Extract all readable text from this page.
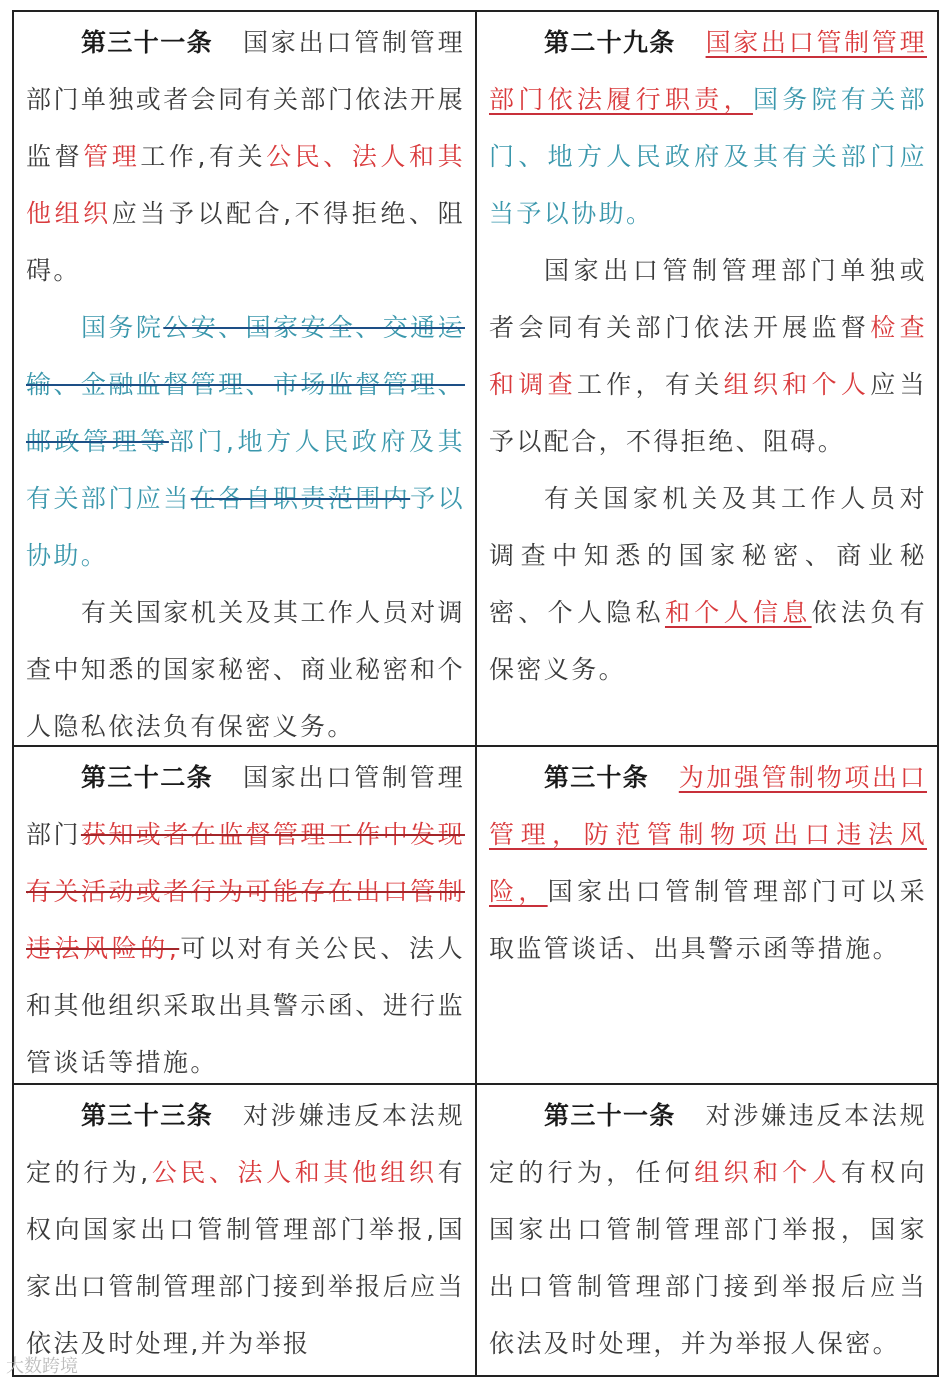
第三十一条 国家出口管制管理部门单独或者会同有关部门依法开展监督管理工作,有关公民、法人和其他组织应当予以配合,不得拒绝、阻碍。

国务院公安、国家安全、交通运输、金融监督管理、市场监督管理、邮政管理等部门,地方人民政府及其有关部门应当在各自职责范围内予以协助。

有关国家机关及其工作人员对调查中知悉的国家秘密、商业秘密和个人隐私依法负有保密义务。

第二十九条 国家出口管制管理部门依法履行职责，国务院有关部门、地方人民政府及其有关部门应当予以协助。

国家出口管制管理部门单独或者会同有关部门依法开展监督检查和调查工作，有关组织和个人应当予以配合，不得拒绝、阻碍。

有关国家机关及其工作人员对调查中知悉的国家秘密、商业秘密、个人隐私和个人信息依法负有保密义务。

第三十二条 国家出口管制管理部门获知或者在监督管理工作中发现有关活动或者行为可能存在出口管制违法风险的,可以对有关公民、法人和其他组织采取出具警示函、进行监管谈话等措施。

第三十条 为加强管制物项出口管理，防范管制物项出口违法风险，国家出口管制管理部门可以采取监管谈话、出具警示函等措施。

第三十三条 对涉嫌违反本法规定的行为,公民、法人和其他组织有权向国家出口管制管理部门举报,国家出口管制管理部门接到举报后应当依法及时处理,并为举报

第三十一条 对涉嫌违反本法规定的行为，任何组织和个人有权向国家出口管制管理部门举报，国家出口管制管理部门接到举报后应当依法及时处理，并为举报人保密。

大数跨境
